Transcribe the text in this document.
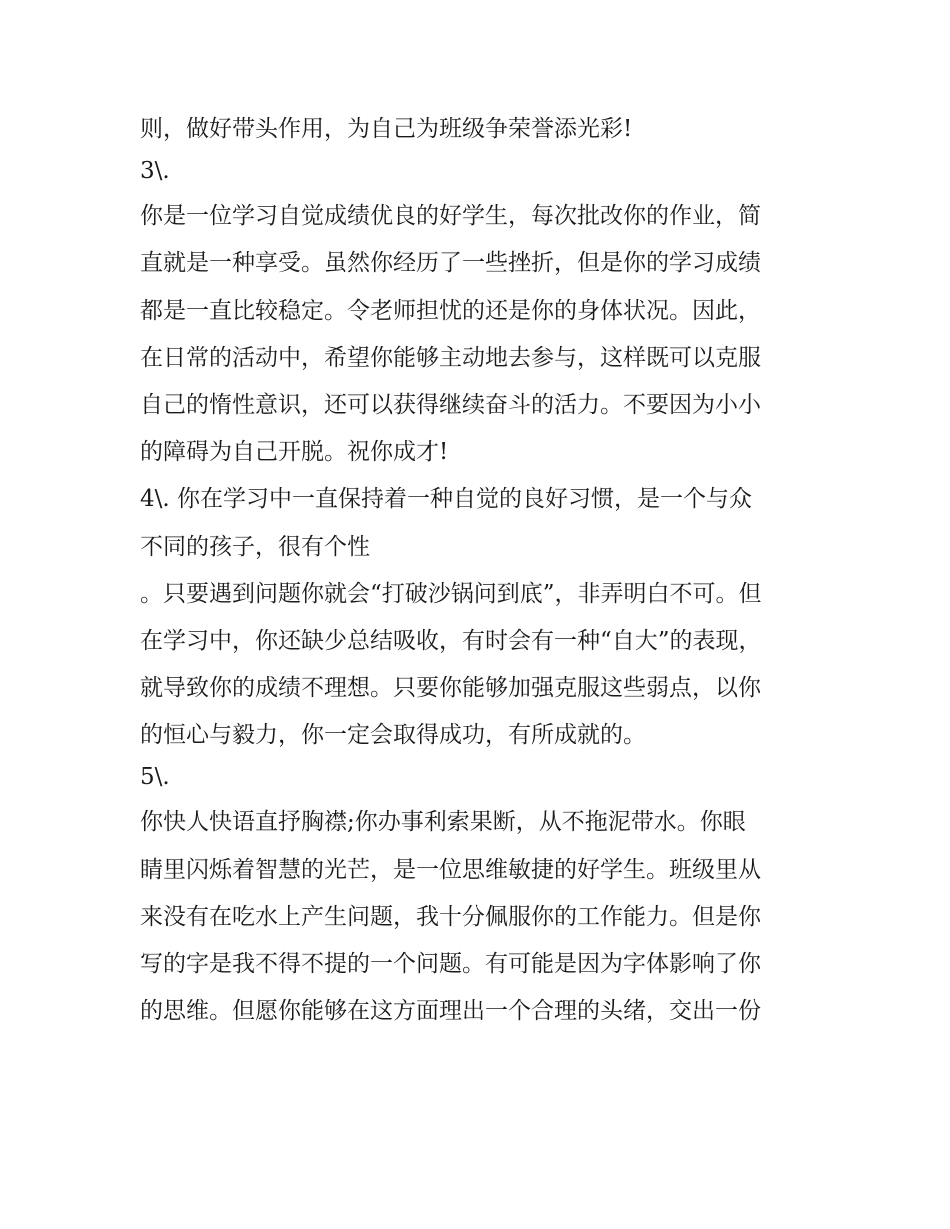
则，做好带头作用，为自己为班级争荣誉添光彩!
3\.
你是一位学习自觉成绩优良的好学生，每次批改你的作业，简
直就是一种享受。虽然你经历了一些挫折，但是你的学习成绩
都是一直比较稳定。令老师担忧的还是你的身体状况。因此，
在日常的活动中，希望你能够主动地去参与，这样既可以克服
自己的惰性意识，还可以获得继续奋斗的活力。不要因为小小
的障碍为自己开脱。祝你成才!
4\. 你在学习中一直保持着一种自觉的良好习惯，是一个与众
不同的孩子，很有个性
。只要遇到问题你就会“打破沙锅问到底”，非弄明白不可。但
在学习中，你还缺少总结吸收，有时会有一种“自大”的表现，
就导致你的成绩不理想。只要你能够加强克服这些弱点，以你
的恒心与毅力，你一定会取得成功，有所成就的。
5\.
你快人快语直抒胸襟;你办事利索果断，从不拖泥带水。你眼
睛里闪烁着智慧的光芒，是一位思维敏捷的好学生。班级里从
来没有在吃水上产生问题，我十分佩服你的工作能力。但是你
写的字是我不得不提的一个问题。有可能是因为字体影响了你
的思维。但愿你能够在这方面理出一个合理的头绪，交出一份
